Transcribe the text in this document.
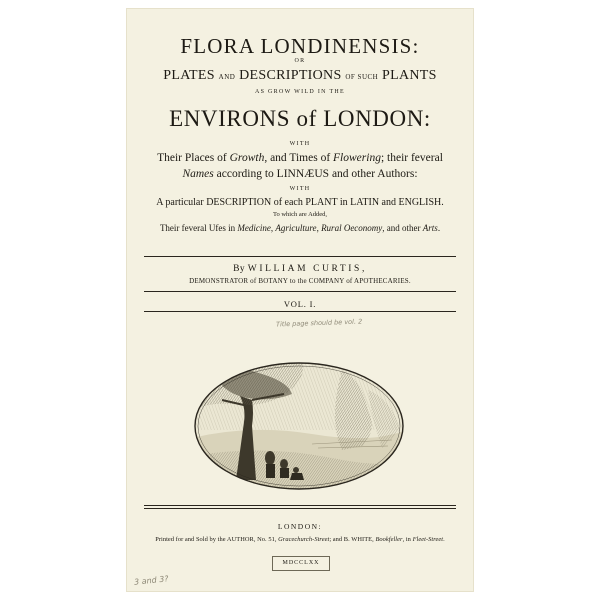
FLORA LONDINENSIS:
OR
PLATES AND DESCRIPTIONS OF SUCH PLANTS
AS GROW WILD IN THE
ENVIRONS of LONDON:
WITH
Their Places of Growth, and Times of Flowering; their feveral
Names according to LINNÆUS and other Authors:
WITH
A particular DESCRIPTION of each PLANT in LATIN and ENGLISH.
To which are Added,
Their feveral Ufes in Medicine, Agriculture, Rural Oeconomy, and other Arts.
By WILLIAM CURTIS,
DEMONSTRATOR of BOTANY to the COMPANY of APOTHECARIES.
VOL. I.
Title page should be vol. 2
LONDON:
Printed for and Sold by the AUTHOR, No. 51, Gracechurch-Street; and B. WHITE, Bookfeller, in Fleet-Street.
MDCCLXX
3 and 3?
